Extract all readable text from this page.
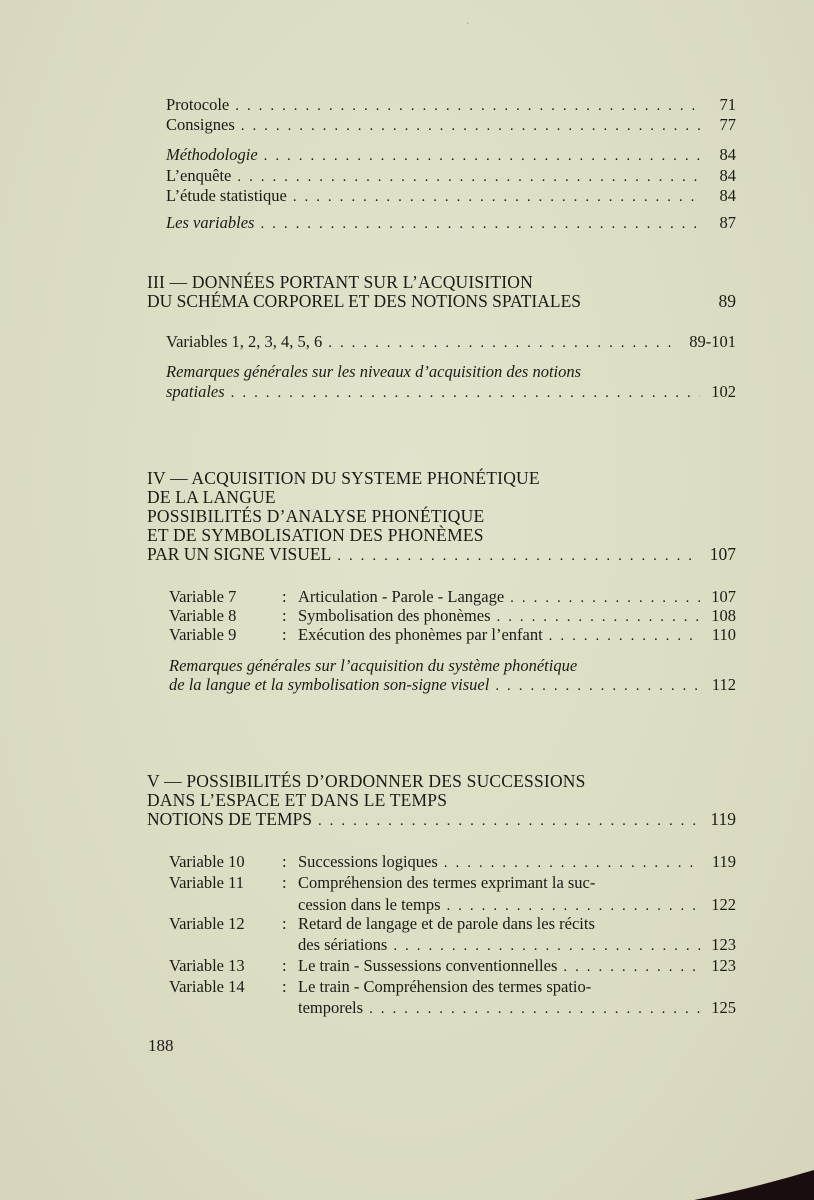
`
Protocole . . .	71
Consignes . . .	77
Méthodologie . . .	84
L’enquête . . .	84
L’étude statistique . . .	84
Les variables . . .	87
III — DONNÉES PORTANT SUR L’ACQUISITION
DU SCHÉMA CORPOREL ET DES NOTIONS SPATIALES	89
Variables 1, 2, 3, 4, 5, 6 . . .	89-101
Remarques générales sur les niveaux d’acquisition des notions
spatiales . . .	102
IV — ACQUISITION DU SYSTEME PHONÉTIQUE
DE LA LANGUE
POSSIBILITÉS D’ANALYSE PHONÉTIQUE
ET DE SYMBOLISATION DES PHONÈMES
PAR UN SIGNE VISUEL . . .	107
Variable 7	: Articulation - Parole - Langage . . .	107
Variable 8	: Symbolisation des phonèmes . . .	108
Variable 9	: Exécution des phonèmes par l’enfant . . .	110
Remarques générales sur l’acquisition du système phonétique
de la langue et la symbolisation son-signe visuel . . .	112
V — POSSIBILITÉS D’ORDONNER DES SUCCESSIONS
DANS L’ESPACE ET DANS LE TEMPS
NOTIONS DE TEMPS . . .	119
Variable 10	: Successions logiques . . .	119
Variable 11	: Compréhension des termes exprimant la suc-
cession dans le temps . . .	122
Variable 12	: Retard de langage et de parole dans les récits
des sériations . . .	123
Variable 13	: Le train - Sussessions conventionnelles . . .	123
Variable 14	: Le train - Compréhension des termes spatio-
temporels . . .	125
188
